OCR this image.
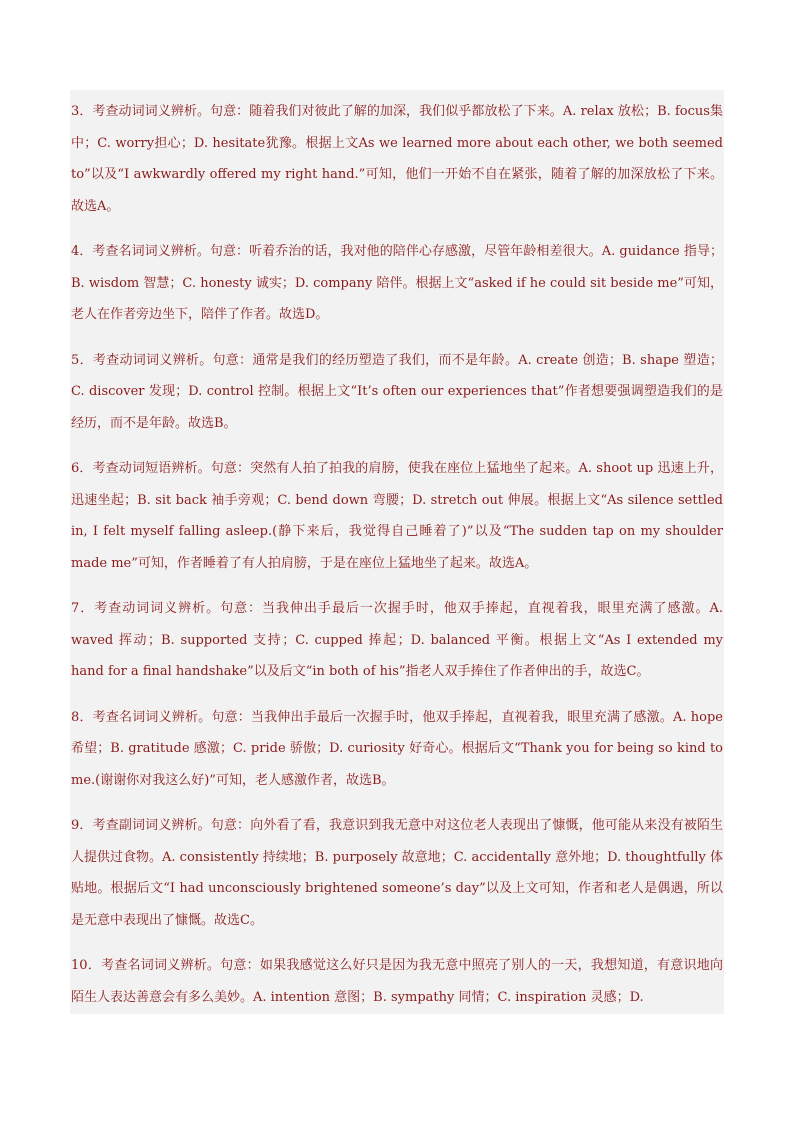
3．考查动词词义辨析。句意：随着我们对彼此了解的加深，我们似乎都放松了下来。A. relax 放松；B. focus集中；C. worry担心；D. hesitate犹豫。根据上文As we learned more about each other, we both seemed to”以及“I awkwardly offered my right hand.”可知，他们一开始不自在紧张，随着了解的加深放松了下来。故选A。

4．考查名词词义辨析。句意：听着乔治的话，我对他的陪伴心存感激，尽管年龄相差很大。A. guidance 指导；B. wisdom 智慧；C. honesty 诚实；D. company 陪伴。根据上文“asked if he could sit beside me”可知，老人在作者旁边坐下，陪伴了作者。故选D。

5．考查动词词义辨析。句意：通常是我们的经历塑造了我们，而不是年龄。A. create 创造；B. shape 塑造；C. discover 发现；D. control 控制。根据上文“It’s often our experiences that”作者想要强调塑造我们的是经历，而不是年龄。故选B。

6．考查动词短语辨析。句意：突然有人拍了拍我的肩膀，使我在座位上猛地坐了起来。A. shoot up 迅速上升，迅速坐起；B. sit back 袖手旁观；C. bend down 弯腰；D. stretch out 伸展。根据上文“As silence settled in, I felt myself falling asleep.(静下来后，我觉得自己睡着了)”以及“The sudden tap on my shoulder made me”可知，作者睡着了有人拍肩膀，于是在座位上猛地坐了起来。故选A。

7．考查动词词义辨析。句意：当我伸出手最后一次握手时，他双手捧起，直视着我，眼里充满了感激。A. waved 挥动；B. supported 支持；C. cupped 捧起；D. balanced 平衡。根据上文“As I extended my hand for a final handshake”以及后文“in both of his”指老人双手捧住了作者伸出的手，故选C。

8．考查名词词义辨析。句意：当我伸出手最后一次握手时，他双手捧起，直视着我，眼里充满了感激。A. hope 希望；B. gratitude 感激；C. pride 骄傲；D. curiosity 好奇心。根据后文“Thank you for being so kind to me.(谢谢你对我这么好)”可知，老人感激作者，故选B。

9．考查副词词义辨析。句意：向外看了看，我意识到我无意中对这位老人表现出了慷慨，他可能从来没有被陌生人提供过食物。A. consistently 持续地；B. purposely 故意地；C. accidentally 意外地；D. thoughtfully 体贴地。根据后文“I had unconsciously brightened someone’s day”以及上文可知，作者和老人是偶遇，所以是无意中表现出了慷慨。故选C。

10．考查名词词义辨析。句意：如果我感觉这么好只是因为我无意中照亮了别人的一天，我想知道，有意识地向陌生人表达善意会有多么美妙。A. intention 意图；B. sympathy 同情；C. inspiration 灵感；D.
